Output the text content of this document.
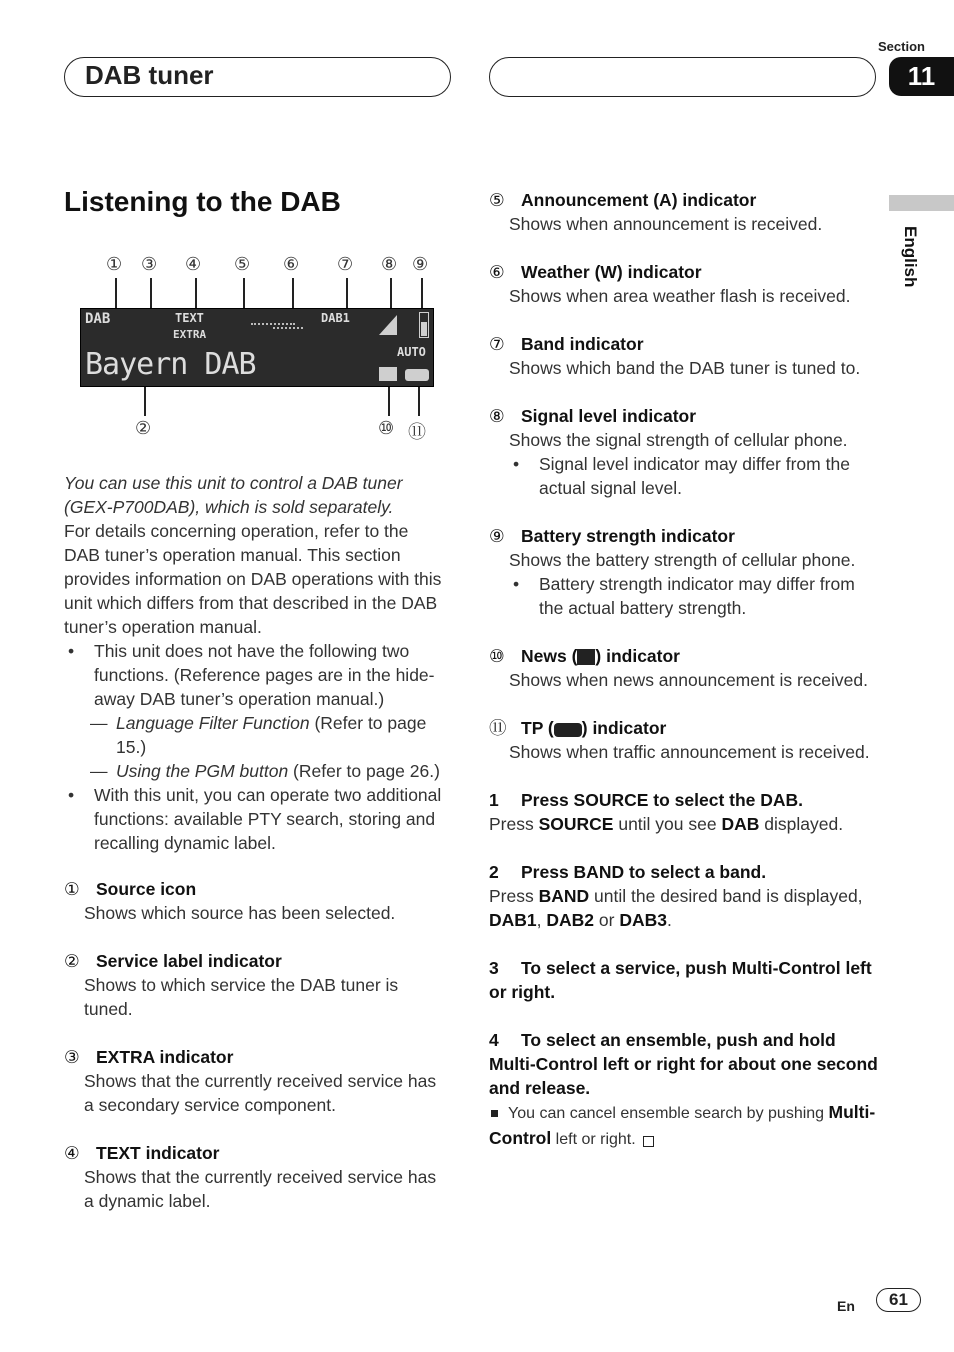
DAB tuner
Section
11
English
Listening to the DAB
① ③ ④ ⑤ ⑥ ⑦ ⑧ ⑨
DAB	TEXT
EXTRA
DAB1
AUTO
Bayern DAB
②	⑩ ⑪
You can use this unit to control a DAB tuner (GEX-P700DAB), which is sold separately.
For details concerning operation, refer to the DAB tuner’s operation manual. This section provides information on DAB operations with this unit which differs from that described in the DAB tuner’s operation manual.
•	This unit does not have the following two functions. (Reference pages are in the hide-away DAB tuner’s operation manual.)
— Language Filter Function (Refer to page 15.)
— Using the PGM button (Refer to page 26.)
•	With this unit, you can operate two additional functions: available PTY search, storing and recalling dynamic label.
① Source icon
Shows which source has been selected.
② Service label indicator
Shows to which service the DAB tuner is tuned.
③ EXTRA indicator
Shows that the currently received service has a secondary service component.
④ TEXT indicator
Shows that the currently received service has a dynamic label.
⑤ Announcement (A) indicator
Shows when announcement is received.
⑥ Weather (W) indicator
Shows when area weather flash is received.
⑦ Band indicator
Shows which band the DAB tuner is tuned to.
⑧ Signal level indicator
Shows the signal strength of cellular phone.
•	Signal level indicator may differ from the actual signal level.
⑨ Battery strength indicator
Shows the battery strength of cellular phone.
•	Battery strength indicator may differ from the actual battery strength.
⑩ News ( ) indicator
Shows when news announcement is received.
⑪ TP ( ) indicator
Shows when traffic announcement is received.
1 Press SOURCE to select the DAB.
Press SOURCE until you see DAB displayed.
2 Press BAND to select a band.
Press BAND until the desired band is displayed, DAB1, DAB2 or DAB3.
3 To select a service, push Multi-Control left or right.
4 To select an ensemble, push and hold Multi-Control left or right for about one second and release.
You can cancel ensemble search by pushing Multi-Control left or right.
En	61
